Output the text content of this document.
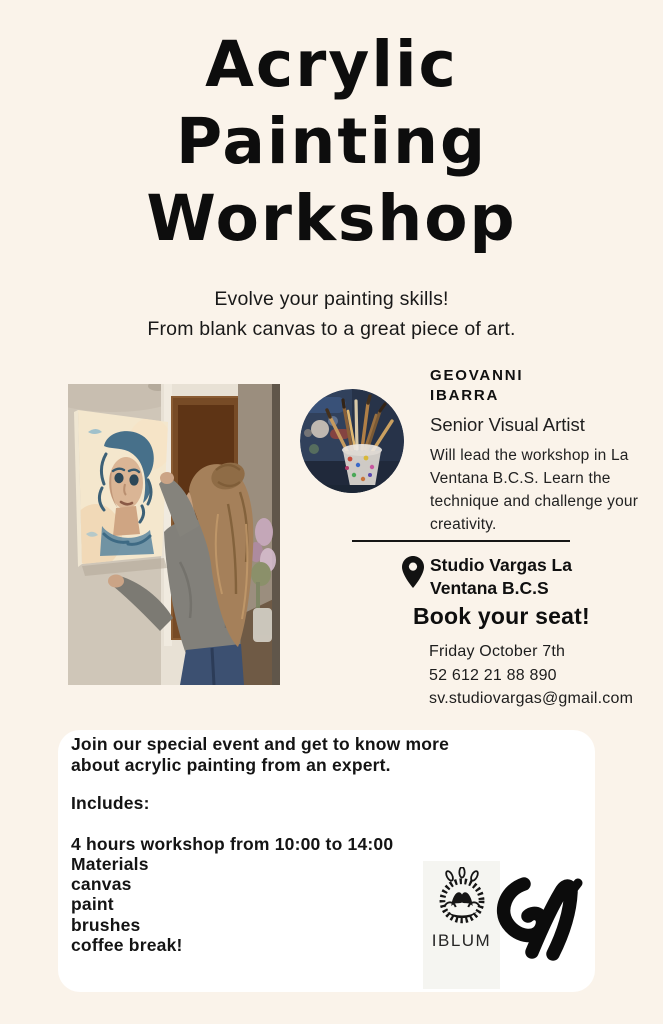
Acrylic
Painting
Workshop
Evolve your painting skills!
From blank canvas to a great piece of art.
GEOVANNI
IBARRA
Senior Visual Artist
Will lead the workshop in La Ventana B.C.S. Learn the technique and challenge your creativity.
Studio Vargas La
Ventana B.C.S
Book your seat!
Friday October 7th
52 612 21 88 890
sv.studiovargas@gmail.com
Join our special event and get to know more about acrylic painting from an expert.
Includes:
4 hours workshop from 10:00 to 14:00
Materials
canvas
paint
brushes
coffee break!	IBLUM
